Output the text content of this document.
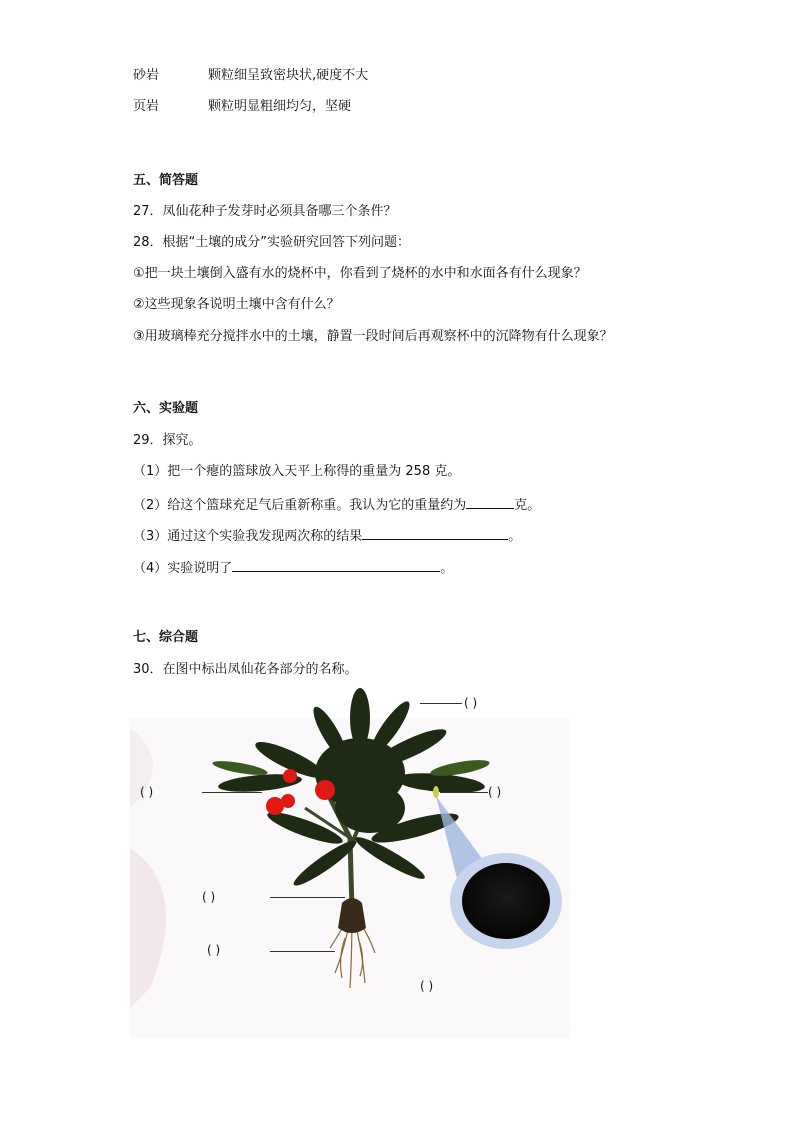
砂岩	颗粒细呈致密块状,硬度不大
页岩	颗粒明显粗细均匀，坚硬
五、简答题
27．凤仙花种子发芽时必须具备哪三个条件？
28．根据“土壤的成分”实验研究回答下列问题：
①把一块土壤倒入盛有水的烧杯中，你看到了烧杯的水中和水面各有什么现象？
②这些现象各说明土壤中含有什么？
③用玻璃棒充分搅拌水中的土壤，静置一段时间后再观察杯中的沉降物有什么现象？
六、实验题
29．探究。
（1）把一个瘪的篮球放入天平上称得的重量为 258 克。
（2）给这个篮球充足气后重新称重。我认为它的重量约为	克。
（3）通过这个实验我发现两次称的结果	。
（4）实验说明了	。
七、综合题
30．在图中标出凤仙花各部分的名称。
( )
( )	( )
( )
( )
( )
